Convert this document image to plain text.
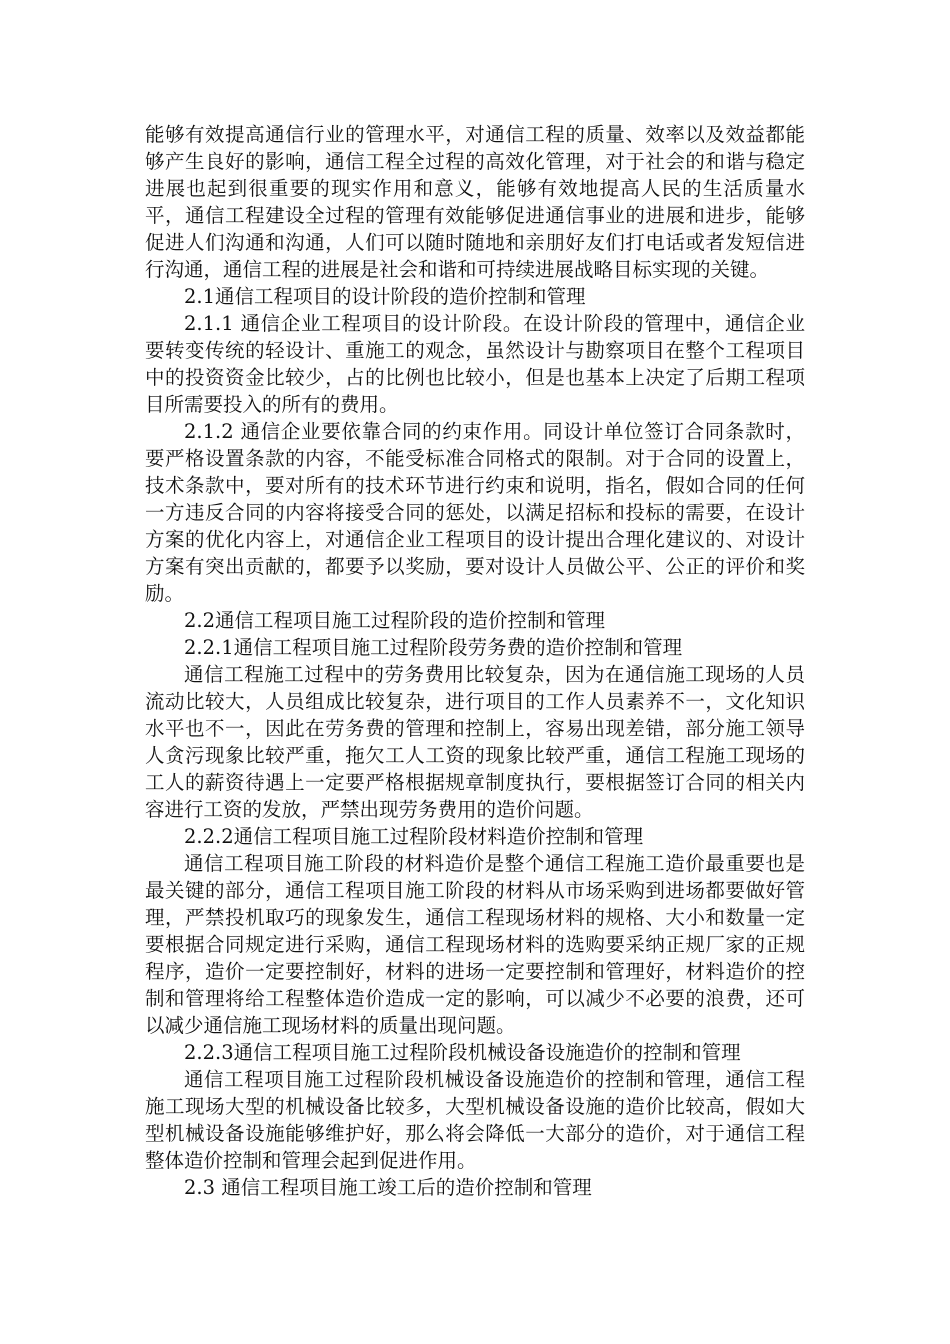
能够有效提高通信行业的管理水平，对通信工程的质量、效率以及效益都能够产生良好的影响，通信工程全过程的高效化管理，对于社会的和谐与稳定进展也起到很重要的现实作用和意义，能够有效地提高人民的生活质量水平，通信工程建设全过程的管理有效能够促进通信事业的进展和进步，能够促进人们沟通和沟通，人们可以随时随地和亲朋好友们打电话或者发短信进行沟通，通信工程的进展是社会和谐和可持续进展战略目标实现的关键。

2.1通信工程项目的设计阶段的造价控制和管理

2.1.1 通信企业工程项目的设计阶段。在设计阶段的管理中，通信企业要转变传统的轻设计、重施工的观念，虽然设计与勘察项目在整个工程项目中的投资资金比较少，占的比例也比较小，但是也基本上决定了后期工程项目所需要投入的所有的费用。

2.1.2 通信企业要依靠合同的约束作用。同设计单位签订合同条款时，要严格设置条款的内容，不能受标准合同格式的限制。对于合同的设置上，技术条款中，要对所有的技术环节进行约束和说明，指名，假如合同的任何一方违反合同的内容将接受合同的惩处，以满足招标和投标的需要，在设计方案的优化内容上，对通信企业工程项目的设计提出合理化建议的、对设计方案有突出贡献的，都要予以奖励，要对设计人员做公平、公正的评价和奖励。

2.2通信工程项目施工过程阶段的造价控制和管理

2.2.1通信工程项目施工过程阶段劳务费的造价控制和管理

通信工程施工过程中的劳务费用比较复杂，因为在通信施工现场的人员流动比较大，人员组成比较复杂，进行项目的工作人员素养不一，文化知识水平也不一，因此在劳务费的管理和控制上，容易出现差错，部分施工领导人贪污现象比较严重，拖欠工人工资的现象比较严重，通信工程施工现场的工人的薪资待遇上一定要严格根据规章制度执行，要根据签订合同的相关内容进行工资的发放，严禁出现劳务费用的造价问题。

2.2.2通信工程项目施工过程阶段材料造价控制和管理

通信工程项目施工阶段的材料造价是整个通信工程施工造价最重要也是最关键的部分，通信工程项目施工阶段的材料从市场采购到进场都要做好管理，严禁投机取巧的现象发生，通信工程现场材料的规格、大小和数量一定要根据合同规定进行采购，通信工程现场材料的选购要采纳正规厂家的正规程序，造价一定要控制好，材料的进场一定要控制和管理好，材料造价的控制和管理将给工程整体造价造成一定的影响，可以减少不必要的浪费，还可以减少通信施工现场材料的质量出现问题。

2.2.3通信工程项目施工过程阶段机械设备设施造价的控制和管理

通信工程项目施工过程阶段机械设备设施造价的控制和管理，通信工程施工现场大型的机械设备比较多，大型机械设备设施的造价比较高，假如大型机械设备设施能够维护好，那么将会降低一大部分的造价，对于通信工程整体造价控制和管理会起到促进作用。

2.3 通信工程项目施工竣工后的造价控制和管理
